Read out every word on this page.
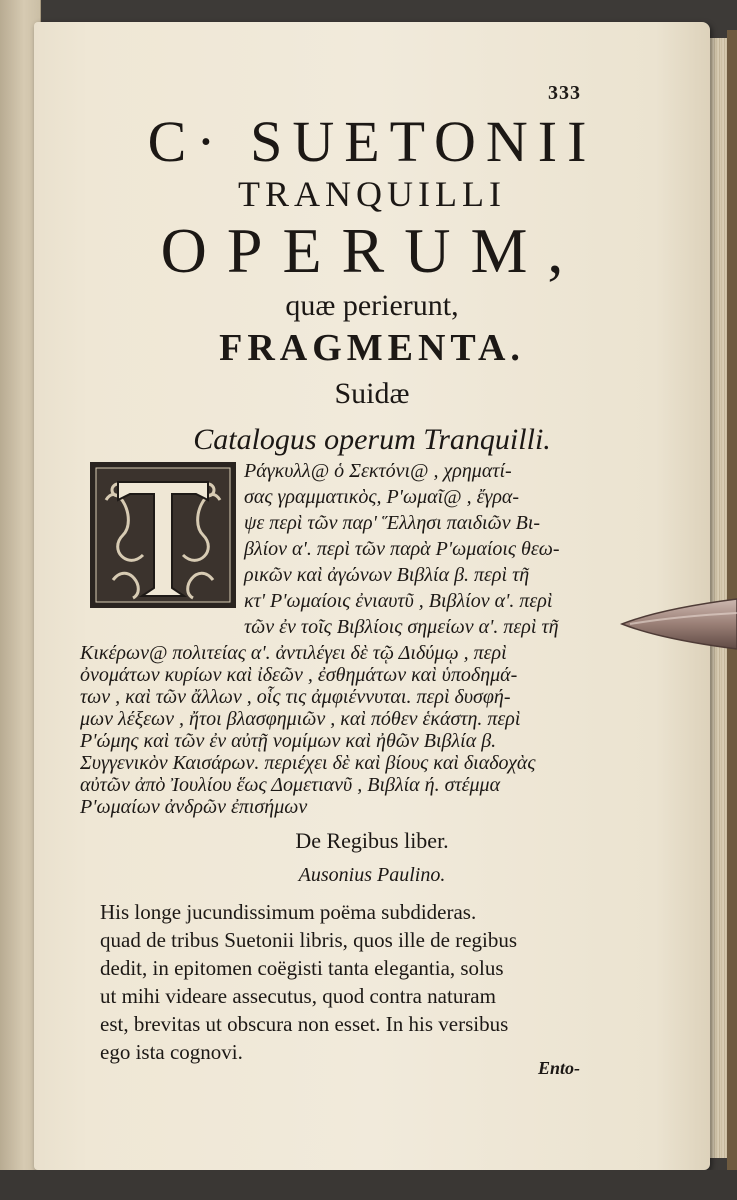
333

C· SUETONII

TRANQUILLI

OPERUM,

quæ perierunt,

FRAGMENTA.

Suidæ

Catalogus operum Tranquilli.

Ράγκυλλ@ ὁ Σεκτόνι@ , χρηματί-
σας γραμματικὸς, Ρ'ωμαῖ@ , ἔγρα-
ψε περὶ τῶν παρ' Ἕλλησι παιδιῶν Βι-
βλίον α'. περὶ τῶν παρὰ Ρ'ωμαίοις θεω-
ρικῶν καὶ ἀγώνων Βιβλία β. περὶ τῆ
κτ' Ρ'ωμαίοις ἐνιαυτῦ , Βιβλίον α'. περὶ
τῶν ἐν τοῖς Βιβλίοις σημείων α'. περὶ τῆ
Κικέρων@ πολιτείας α'. ἀντιλέγει δὲ τῷ Διδύμῳ , περὶ
ὀνομάτων κυρίων καὶ ἰδεῶν , ἐσθημάτων καὶ ὑποδημά-
των , καὶ τῶν ἄλλων , οἷς τις ἀμφιέννυται. περὶ δυσφή-
μων λέξεων , ἤτοι βλασφημιῶν , καὶ πόθεν ἑκάστη. περὶ
Ρ'ώμης καὶ τῶν ἐν αὐτῇ νομίμων καὶ ἠθῶν Βιβλία β.
Συγγενικὸν Καισάρων. περιέχει δὲ καὶ βίους καὶ διαδοχὰς
αὐτῶν ἀπὸ Ἰουλίου ἕως Δομετιανῦ , Βιβλία ή. στέμμα
Ρ'ωμαίων ἀνδρῶν ἐπισήμων
De Regibus liber.
Ausonius Paulino.
His longe jucundissimum poëma subdideras.
quad de tribus Suetonii libris, quos ille de regibus
dedit, in epitomen coëgisti tanta elegantia, solus
ut mihi videare assecutus, quod contra naturam
est, brevitas ut obscura non esset. In his versibus
ego ista cognovi.
Ento-
